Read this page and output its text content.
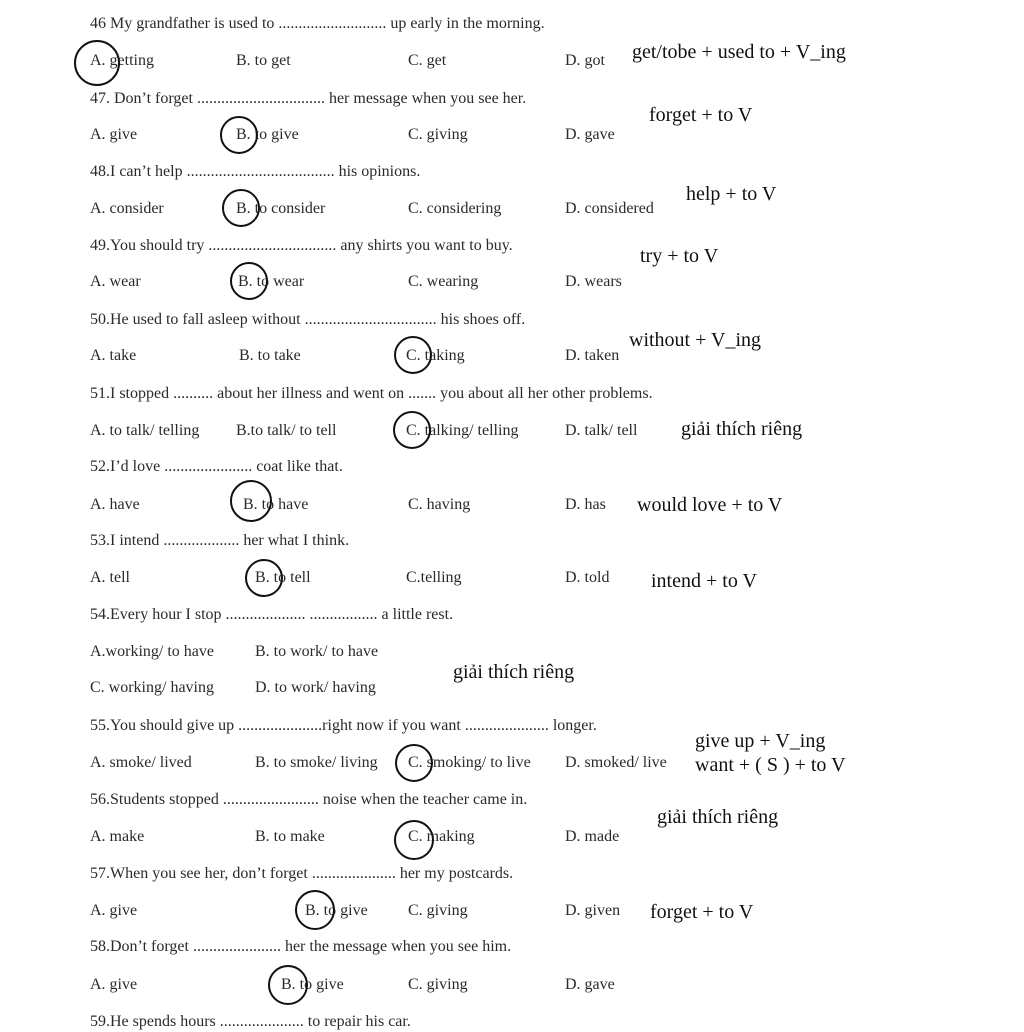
46 My grandfather is used to ........................... up early in the morning.
A. getting	B. to get	C. get	D. got get/tobe + used to + V_ing
47. Don’t forget ................................ her message when you see her.
A. give	B. to give	C. giving	D. gave
forget + to V
48.I can’t help ..................................... his opinions.
A. consider	B. to consider	C. considering	D. considered
help + to V
49.You should try ................................ any shirts you want to buy.
A. wear	B. to wear	C. wearing	D. wears
try + to V
50.He used to fall asleep without ................................. his shoes off.
A. take	B. to take	C. taking	D. taken
without + V_ing
51.I stopped .......... about her illness and went on ....... you about all her other problems.
A. to talk/ telling B.to talk/ to tell	C. talking/ telling	D. talk/ tell giải thích riêng
52.I’d love ...................... coat like that.
A. have	B. to have	C. having	D. has would love + to V
53.I intend ................... her what I think.
A. tell	B. to tell	C.telling	D. told intend + to V
54.Every hour I stop .................... ................. a little rest.
A.working/ to have	B. to work/ to have
C. working/ having	D. to work/ having
giải thích riêng
55.You should give up .....................right now if you want ..................... longer.
A. smoke/ lived	B. to smoke/ living C. smoking/ to live D. smoked/ live
give up + V_ing
want + ( S ) + to V
56.Students stopped ........................ noise when the teacher came in.
A. make	B. to make	C. making	D. made
giải thích riêng
57.When you see her, don’t forget ..................... her my postcards.
A. give	B. to give	C. giving	D. given forget + to V
58.Don’t forget ...................... her the message when you see him.
A. give	B. to give	C. giving	D. gave
59.He spends hours ..................... to repair his car.
